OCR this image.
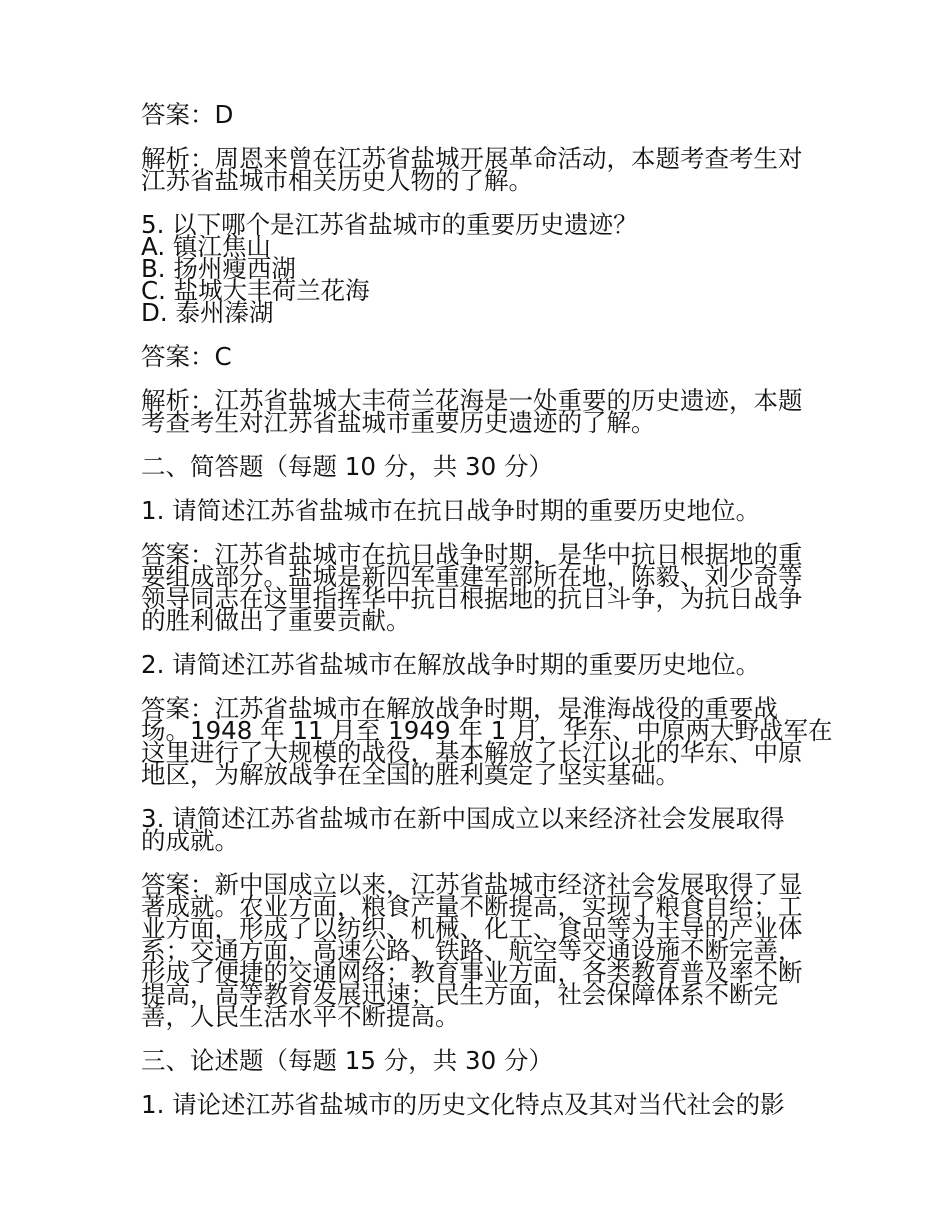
答案：D
解析：周恩来曾在江苏省盐城开展革命活动，本题考查考生对
江苏省盐城市相关历史人物的了解。
5. 以下哪个是江苏省盐城市的重要历史遗迹？
A. 镇江焦山
B. 扬州瘦西湖
C. 盐城大丰荷兰花海
D. 泰州溱湖
答案：C
解析：江苏省盐城大丰荷兰花海是一处重要的历史遗迹，本题
考查考生对江苏省盐城市重要历史遗迹的了解。
二、简答题（每题 10 分，共 30 分）
1. 请简述江苏省盐城市在抗日战争时期的重要历史地位。
答案：江苏省盐城市在抗日战争时期，是华中抗日根据地的重
要组成部分。盐城是新四军重建军部所在地，陈毅、刘少奇等
领导同志在这里指挥华中抗日根据地的抗日斗争，为抗日战争
的胜利做出了重要贡献。
2. 请简述江苏省盐城市在解放战争时期的重要历史地位。
答案：江苏省盐城市在解放战争时期，是淮海战役的重要战
场。1948 年 11 月至 1949 年 1 月，华东、中原两大野战军在
这里进行了大规模的战役，基本解放了长江以北的华东、中原
地区，为解放战争在全国的胜利奠定了坚实基础。
3. 请简述江苏省盐城市在新中国成立以来经济社会发展取得
的成就。
答案：新中国成立以来，江苏省盐城市经济社会发展取得了显
著成就。农业方面，粮食产量不断提高，实现了粮食自给；工
业方面，形成了以纺织、机械、化工、食品等为主导的产业体
系；交通方面，高速公路、铁路、航空等交通设施不断完善，
形成了便捷的交通网络；教育事业方面，各类教育普及率不断
提高，高等教育发展迅速；民生方面，社会保障体系不断完
善，人民生活水平不断提高。
三、论述题（每题 15 分，共 30 分）
1. 请论述江苏省盐城市的历史文化特点及其对当代社会的影
